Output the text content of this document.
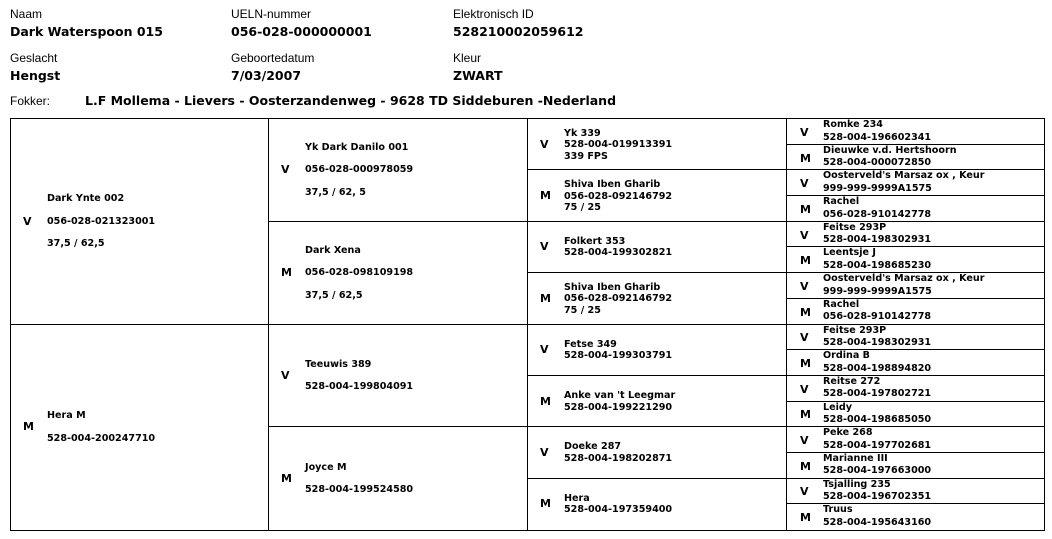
Naam
Dark Waterspoon 015
UELN-nummer
056-028-000000001
Elektronisch ID
528210002059612
Geslacht
Hengst
Geboortedatum
7/03/2007
Kleur
ZWART
Fokker:	L.F Mollema - Lievers - Oosterzandenweg - 9628 TD Siddeburen -Nederland
Dark Ynte 002
056-028-021323001
37,5 / 62,5
V
Hera M
528-004-200247710
M
Yk Dark Danilo 001
056-028-000978059
37,5 / 62, 5
V
Dark Xena
056-028-098109198
37,5 / 62,5
M
Teeuwis 389
528-004-199804091
V
Joyce M
528-004-199524580
M
Yk 339
528-004-019913391
339 FPS
V
Shiva Iben Gharib
056-028-092146792
75 / 25
M
Folkert 353
528-004-199302821
V
Shiva Iben Gharib
056-028-092146792
75 / 25
M
Fetse 349
528-004-199303791
V
Anke van 't Leegmar
528-004-199221290
M
Doeke 287
528-004-198202871
V
Hera
528-004-197359400
M
Romke 234
528-004-196602341
V
Dieuwke v.d. Hertshoorn
528-004-000072850
M
Oosterveld's Marsaz ox , Keur
999-999-9999A1575
V
Rachel
056-028-910142778
M
Feitse 293P
528-004-198302931
V
Leentsje J
528-004-198685230
M
Oosterveld's Marsaz ox , Keur
999-999-9999A1575
V
Rachel
056-028-910142778
M
Feitse 293P
528-004-198302931
V
Ordina B
528-004-198894820
M
Reitse 272
528-004-197802721
V
Leidy
528-004-198685050
M
Peke 268
528-004-197702681
V
Marianne III
528-004-197663000
M
Tsjalling 235
528-004-196702351
V
Truus
528-004-195643160
M
